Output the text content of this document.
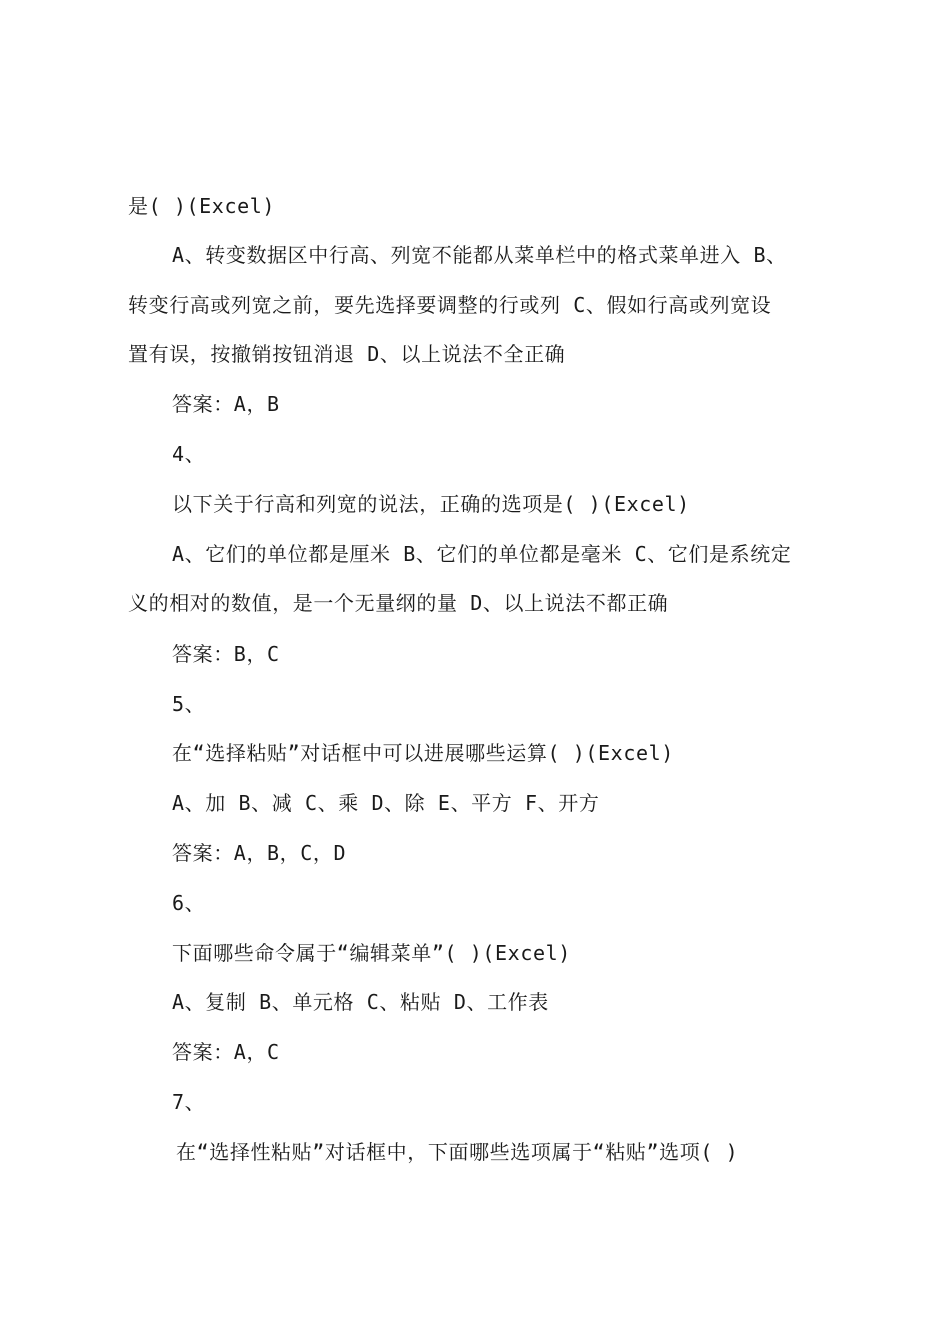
是( )(Excel)

A、转变数据区中行高、列宽不能都从菜单栏中的格式菜单进入 B、

转变行高或列宽之前，要先选择要调整的行或列 C、假如行高或列宽设

置有误，按撤销按钮消退 D、以上说法不全正确

答案：A，B

4、

以下关于行高和列宽的说法，正确的选项是( )(Excel)

A、它们的单位都是厘米 B、它们的单位都是毫米 C、它们是系统定

义的相对的数值，是一个无量纲的量 D、以上说法不都正确

答案：B，C

5、

在“选择粘贴”对话框中可以进展哪些运算( )(Excel)

A、加 B、减 C、乘 D、除 E、平方 F、开方

答案：A，B，C，D

6、

下面哪些命令属于“编辑菜单”( )(Excel)

A、复制 B、单元格 C、粘贴 D、工作表

答案：A，C

7、

在“选择性粘贴”对话框中，下面哪些选项属于“粘贴”选项( )
